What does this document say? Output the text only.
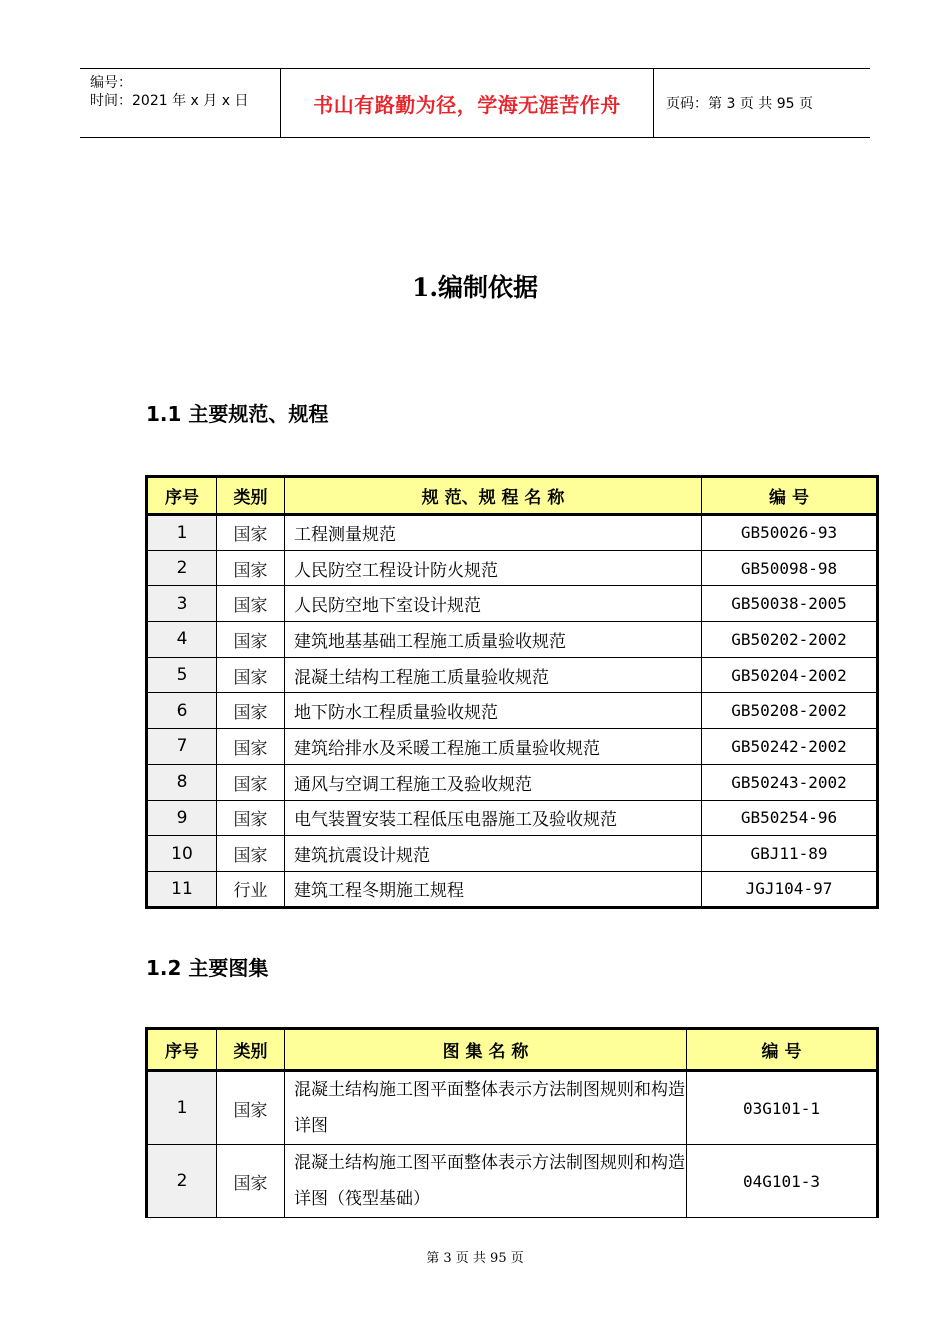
编号：
时间：2021 年 x 月 x 日	书山有路勤为径，学海无涯苦作舟	页码：第 3 页 共 95 页
1.编制依据
1.1 主要规范、规程
序号	类别	规 范、规 程 名 称	编 号
1	国家	工程测量规范	GB50026-93
2	国家	人民防空工程设计防火规范	GB50098-98
3	国家	人民防空地下室设计规范	GB50038-2005
4	国家	建筑地基基础工程施工质量验收规范	GB50202-2002
5	国家	混凝土结构工程施工质量验收规范	GB50204-2002
6	国家	地下防水工程质量验收规范	GB50208-2002
7	国家	建筑给排水及采暖工程施工质量验收规范	GB50242-2002
8	国家	通风与空调工程施工及验收规范	GB50243-2002
9	国家	电气装置安装工程低压电器施工及验收规范	GB50254-96
10	国家	建筑抗震设计规范	GBJ11-89
11	行业	建筑工程冬期施工规程	JGJ104-97
1.2 主要图集
序号	类别	图 集 名 称	编 号
1	国家	混凝土结构施工图平面整体表示方法制图规则和构造详图	03G101-1
2	国家	混凝土结构施工图平面整体表示方法制图规则和构造详图（筏型基础）	04G101-3
第 3 页 共 95 页
